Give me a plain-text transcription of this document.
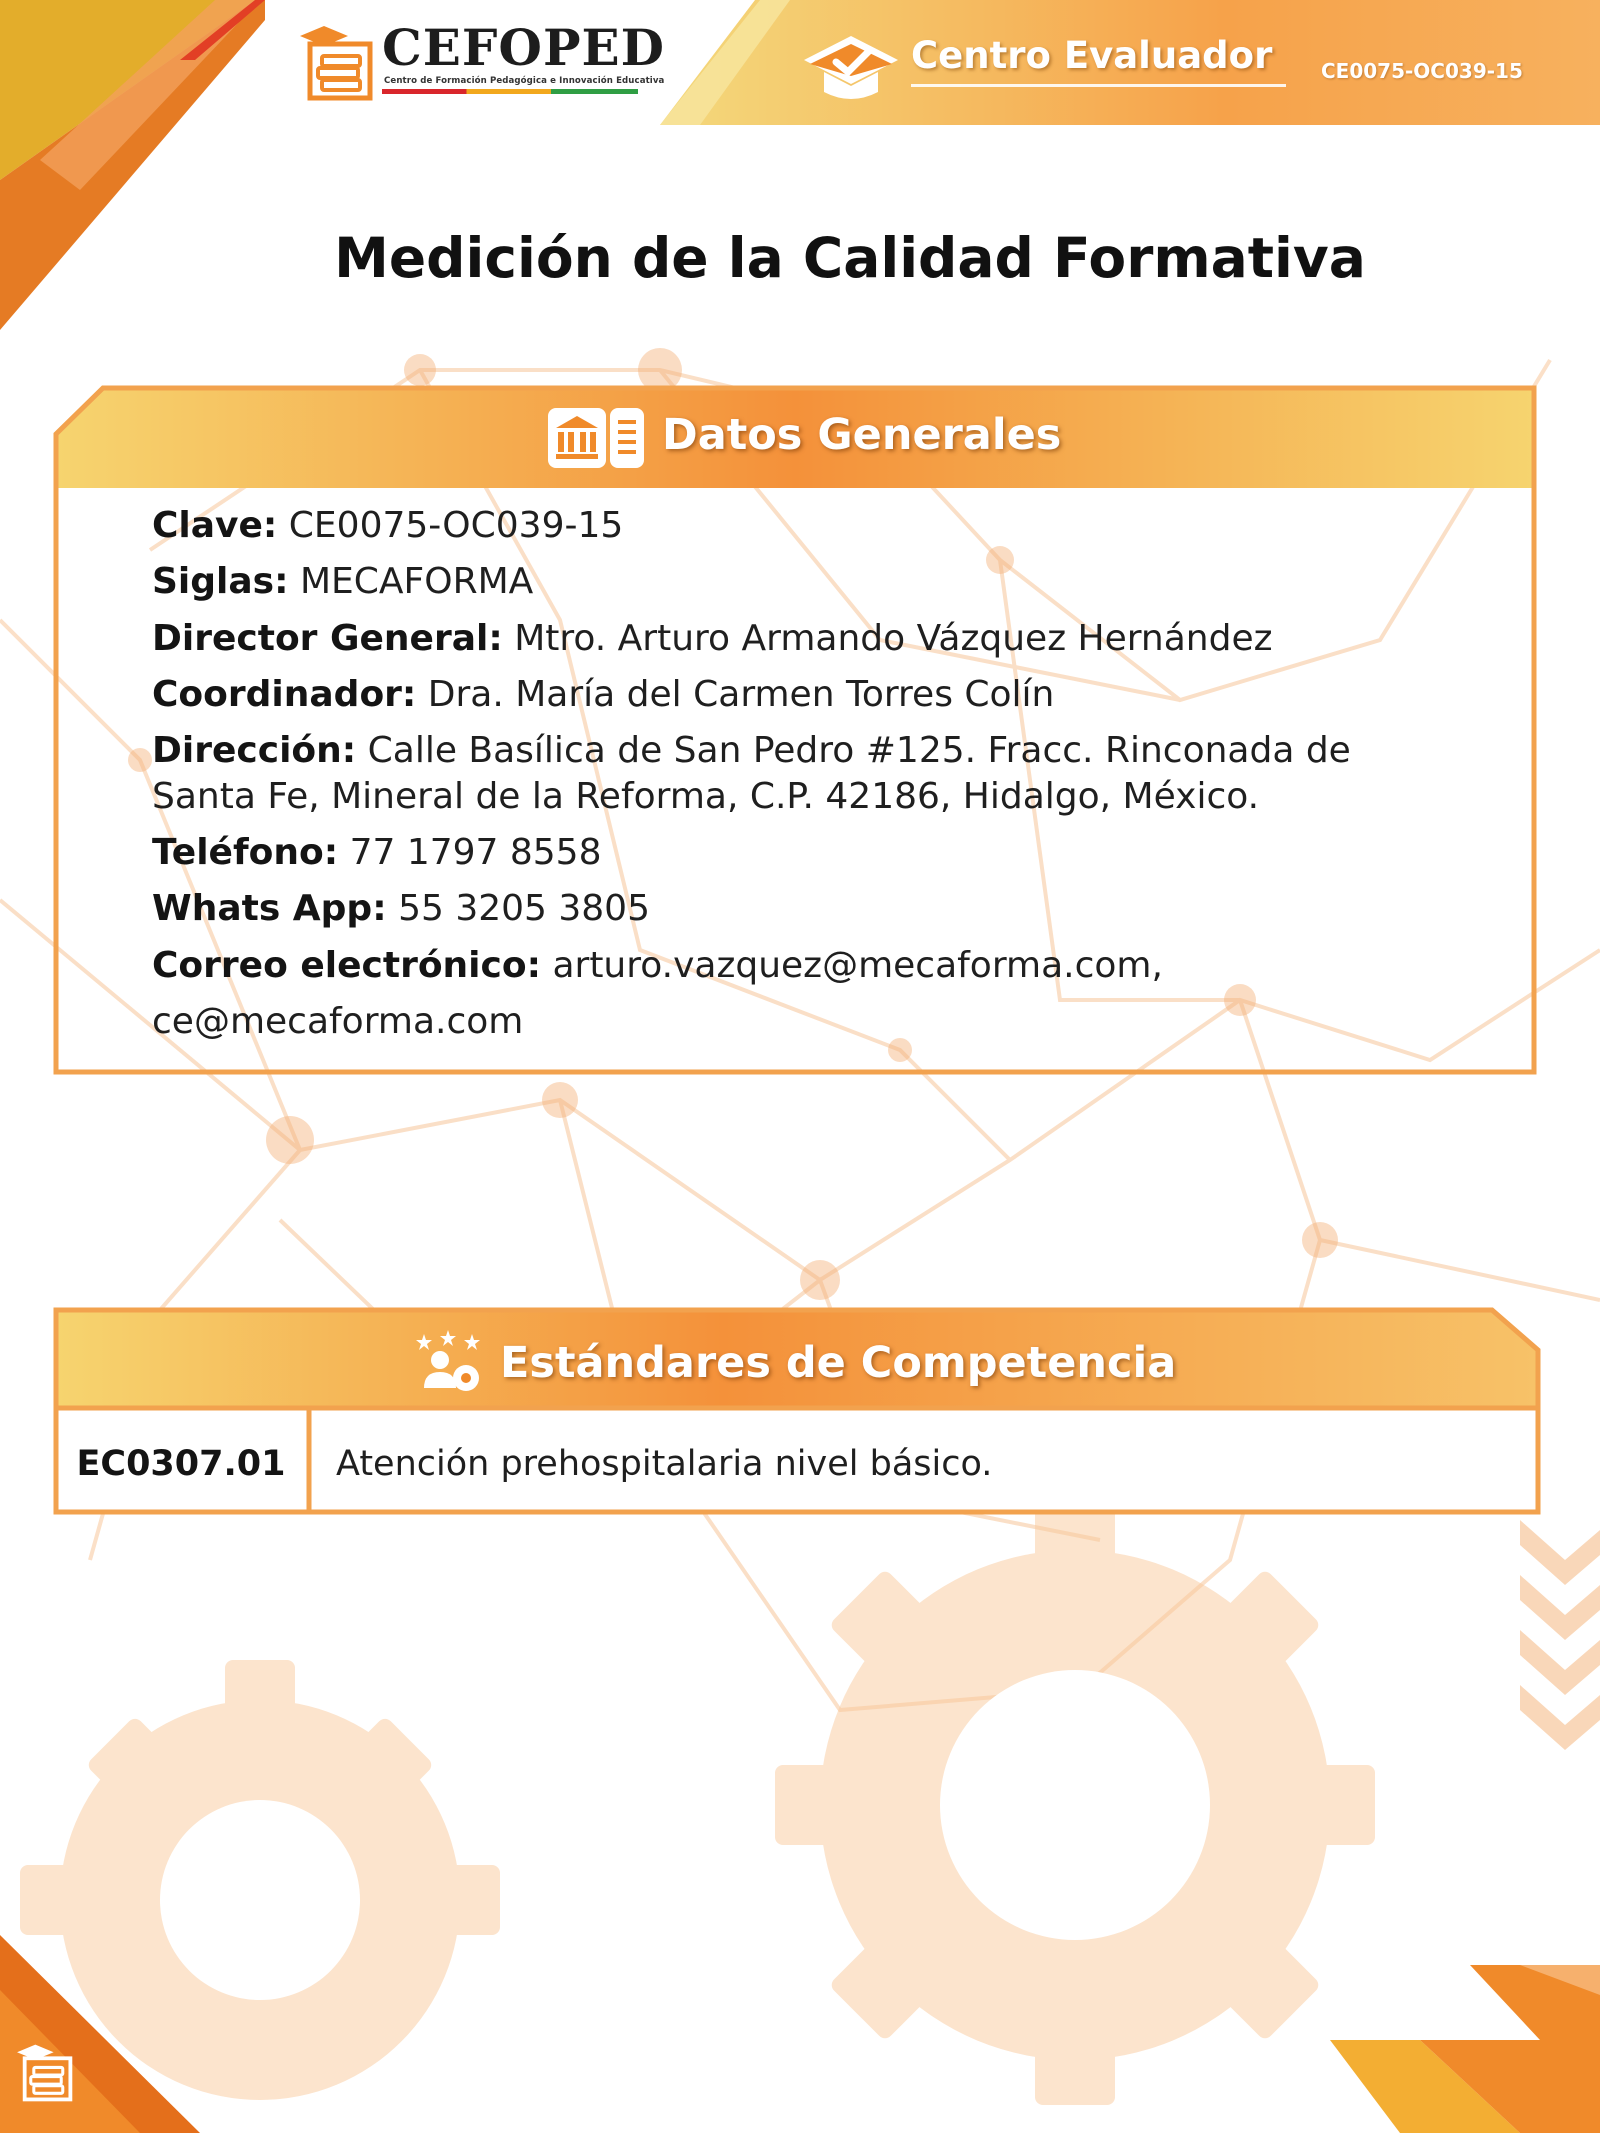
CEFOPED
Centro de Formación Pedagógica e Innovación Educativa
Centro Evaluador CE0075-OC039-15
Medición de la Calidad Formativa
Datos Generales
Clave: CE0075-OC039-15
Siglas: MECAFORMA
Director General: Mtro. Arturo Armando Vázquez Hernández
Coordinador: Dra. María del Carmen Torres Colín
Dirección: Calle Basílica de San Pedro #125. Fracc. Rinconada de
Santa Fe, Mineral de la Reforma, C.P. 42186, Hidalgo, México.
Teléfono: 77 1797 8558
Whats App: 55 3205 3805
Correo electrónico: arturo.vazquez@mecaforma.com,
ce@mecaforma.com
Estándares de Competencia
EC0307.01	Atención prehospitalaria nivel básico.
